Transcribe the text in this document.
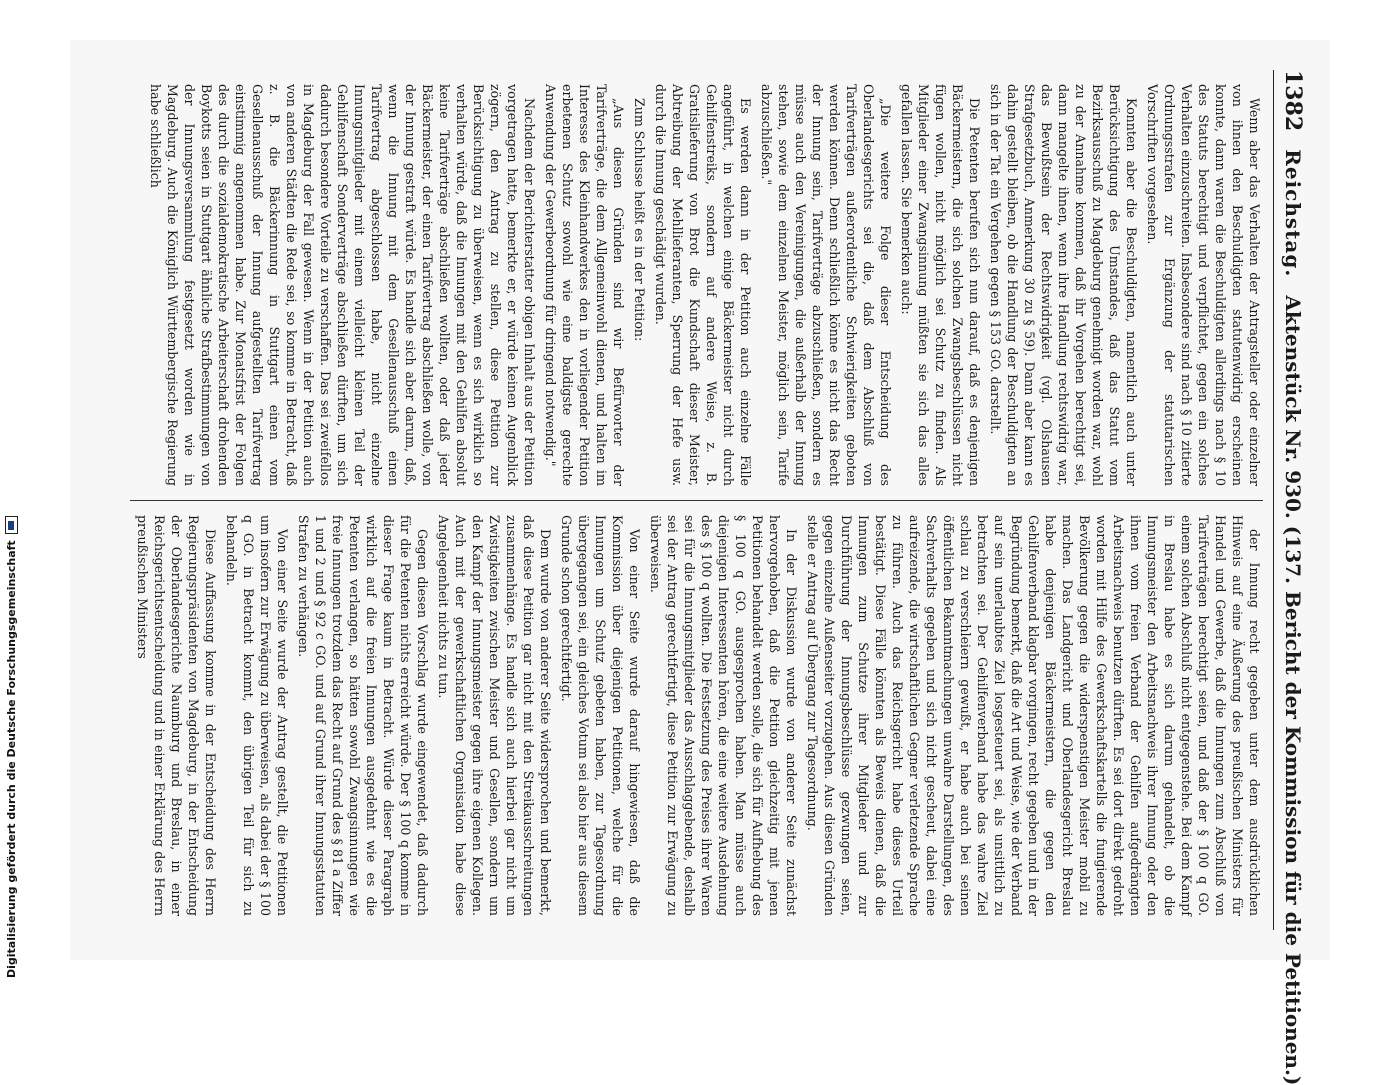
1382
Reichstag.
Aktenstück Nr. 930. (137. Bericht der Kommission für die Petitionen.)

Wenn aber das Verhalten der Antragsteller oder einzelner von ihnen den Beschuldigten statutenwidrig erscheinen konnte, dann waren die Beschuldigten allerdings nach § 10 des Statuts berechtigt und verpflichtet, gegen ein solches Verhalten einzuschreiten. Insbesondere sind nach § 10 zitierte Ordnungsstrafen zur Ergänzung der statutarischen Vorschriften vorgesehen.

Konnten aber die Beschuldigten, namentlich auch unter Berücksichtigung des Umstandes, daß das Statut vom Bezirksausschuß zu Magdeburg genehmigt worden war, wohl zu der Annahme kommen, daß ihr Vorgehen berechtigt sei, dann mangelte ihnen, wenn ihre Handlung rechtswidrig war, das Bewußtsein der Rechtswidrigkeit (vgl. Olshausen Strafgesetzbuch, Anmerkung 30 zu § 59). Dann aber kann es dahin gestellt bleiben, ob die Handlung der Beschuldigten an sich in der Tat ein Vergehen gegen § 153 GO. darstellt.

Die Petenten berufen sich nun darauf, daß es denjenigen Bäckermeistern, die sich solchen Zwangsbeschlüssen nicht fügen wollen, nicht möglich sei Schutz zu finden. Als Mitglieder einer Zwangsinnung müßten sie sich das alles gefallen lassen. Sie bemerken auch:

„Die weitere Folge dieser Entscheidung des Oberlandesgerichts sei die, daß dem Abschluß von Tarifverträgen außerordentliche Schwierigkeiten geboten werden können. Denn schließlich könne es nicht das Recht der Innung sein, Tarifverträge abzuschließen, sondern es müsse auch den Vereinigungen, die außerhalb der Innung stehen, sowie dem einzelnen Meister, möglich sein, Tarife abzuschließen."

Es werden dann in der Petition auch einzelne Fälle angeführt, in welchen einige Bäckermeister nicht durch Gehilfenstreiks, sondern auf andere Weise, z. B. Gratislieferung von Brot die Kundschaft dieser Meister, Abtreibung der Mehllieferanten, Sperrung der Hefe usw. durch die Innung geschädigt wurden.

Zum Schlusse heißt es in der Petition:

„Aus diesen Gründen sind wir Befürworter der Tarifverträge, die dem Allgemeinwohl dienen, und halten im Interesse des Kleinhandwerkes den in vorliegender Petition erbetenen Schutz sowohl wie eine baldigste gerechte Anwendung der Gewerbeordnung für dringend notwendig."

Nachdem der Berichterstatter obigen Inhalt aus der Petition vorgetragen hatte, bemerkte er, er würde keinen Augenblick zögern, den Antrag zu stellen, diese Petition zur Berücksichtigung zu überweisen, wenn es sich wirklich so verhalten würde, daß die Innungen mit den Gehilfen absolut keine Tarifverträge abschließen wollten, oder daß jeder Bäckermeister, der einen Tarifvertrag abschließen wolle, von der Innung gestraft würde. Es handle sich aber darum, daß, wenn die Innung mit dem Gesellenausschuß einen Tarifvertrag abgeschlossen habe, nicht einzelne Innungsmitglieder mit einem vielleicht kleinen Teil der Gehilfenschaft Sonderverträge abschließen dürften, um sich dadurch besondere Vorteile zu verschaffen. Das sei zweifellos in Magdeburg der Fall gewesen. Wenn in der Petition auch von anderen Städten die Rede sei, so komme in Betracht, daß z. B. die Bäckerinnung in Stuttgart einen vom Gesellenausschuß der Innung aufgestellten Tarifvertrag einstimmig angenommen habe. Zur Monatsfrist der Folgen des durch die sozialdemokratische Arbeiterschaft drohenden Boykotts seien in Stuttgart ähnliche Strafbestimmungen von der Innungsversammlung festgesetzt worden wie in Magdeburg. Auch die Königlich Württembergische Regierung habe schließlich

der Innung recht gegeben unter dem ausdrücklichen Hinweis auf eine Äußerung des preußischen Ministers für Handel und Gewerbe, daß die Innungen zum Abschluß von Tarifverträgen berechtigt seien, und daß der § 100 q GO. einem solchen Abschluß nicht entgegenstehe. Bei dem Kampf in Breslau habe es sich darum gehandelt, ob die Innungsmeister den Arbeitsnachweis ihrer Innung oder den ihnen vom freien Verband der Gehilfen aufgedrängten Arbeitsnachweis benutzen dürften. Es sei dort direkt gedroht worden mit Hilfe des Gewerkschaftskartells die fungierende Bevölkerung gegen die widerspenstigen Meister mobil zu machen. Das Landgericht und Oberlandesgericht Breslau habe denjenigen Bäckermeistern, die gegen den Gehilfenverband klagbar vorgingen, recht gegeben und in der Begründung bemerkt, daß die Art und Weise, wie der Verband auf sein unerlaubtes Ziel losgesteuert sei, als unsittlich zu betrachten sei. Der Gehilfenverband habe das wahre Ziel schlau zu verschleiern gewußt, er habe auch bei seinen öffentlichen Bekanntmachungen unwahre Darstellungen, des Sachverhalts gegeben und sich nicht gescheut, dabei eine aufreizende, die wirtschaftlichen Gegner verletzende Sprache zu führen. Auch das Reichsgericht habe dieses Urteil bestätigt. Diese Fälle könnten als Beweis dienen, daß die Innungen zum Schutze ihrer Mitglieder und zur Durchführung der Innungsbeschlüsse gezwungen seien, gegen einzelne Außenseiter vorzugehen. Aus diesen Gründen stelle er Antrag auf Übergang zur Tagesordnung.

In der Diskussion wurde von anderer Seite zunächst hervorgehoben, daß die Petition gleichzeitig mit jenen Petitionen behandelt werden solle, die sich für Aufhebung des § 100 q GO. ausgesprochen haben. Man müsse auch diejenigen Interessenten hören, die eine weitere Ausdehnung des § 100 q wollten. Die Festsetzung des Preises ihrer Waren sei für die Innungsmitglieder das Ausschlaggebende, deshalb sei der Antrag gerechtfertigt, diese Petition zur Erwägung zu überweisen.

Von einer Seite wurde darauf hingewiesen, daß die Kommission über diejenigen Petitionen, welche für die Innungen um Schutz gebeten haben, zur Tagesordnung übergegangen sei, ein gleiches Votum sei also hier aus diesem Grunde schon gerechtfertigt.

Dem wurde von anderer Seite widersprochen und bemerkt, daß diese Petition gar nicht mit den Streikausschreitungen zusammenhänge. Es handle sich auch hierbei gar nicht um Zwistigkeiten zwischen Meister und Gesellen, sondern um den Kampf der Innungsmeister gegen ihre eigenen Kollegen. Auch mit der gewerkschaftlichen Organisation habe diese Angelegenheit nichts zu tun.

Gegen diesen Vorschlag wurde eingewendet, daß dadurch für die Petenten nichts erreicht würde. Der § 100 q komme in dieser Frage kaum in Betracht. Würde dieser Paragraph wirklich auf die freien Innungen ausgedehnt wie es die Petenten verlangen, so hätten sowohl Zwangsinnungen wie freie Innungen trotzdem das Recht auf Grund des § 81 a Ziffer 1 und 2 und § 92 c GO. und auf Grund ihrer Innungsstatuten Strafen zu verhängen.

Von einer Seite wurde der Antrag gestellt, die Petitionen um insofern zur Erwägung zu überweisen, als dabei der § 100 q GO. in Betracht kommt, den übrigen Teil für sich zu behandeln.

Diese Auffassung komme in der Entscheidung des Herrn Regierungspräsidenten von Magdeburg, in der Entscheidung der Oberlandesgerichte Naumburg und Breslau, in einer Reichsgerichtsentscheidung und in einer Erklärung des Herrn preußischen Ministers

Digitalisierung gefördert durch die Deutsche Forschungsgemeinschaft
